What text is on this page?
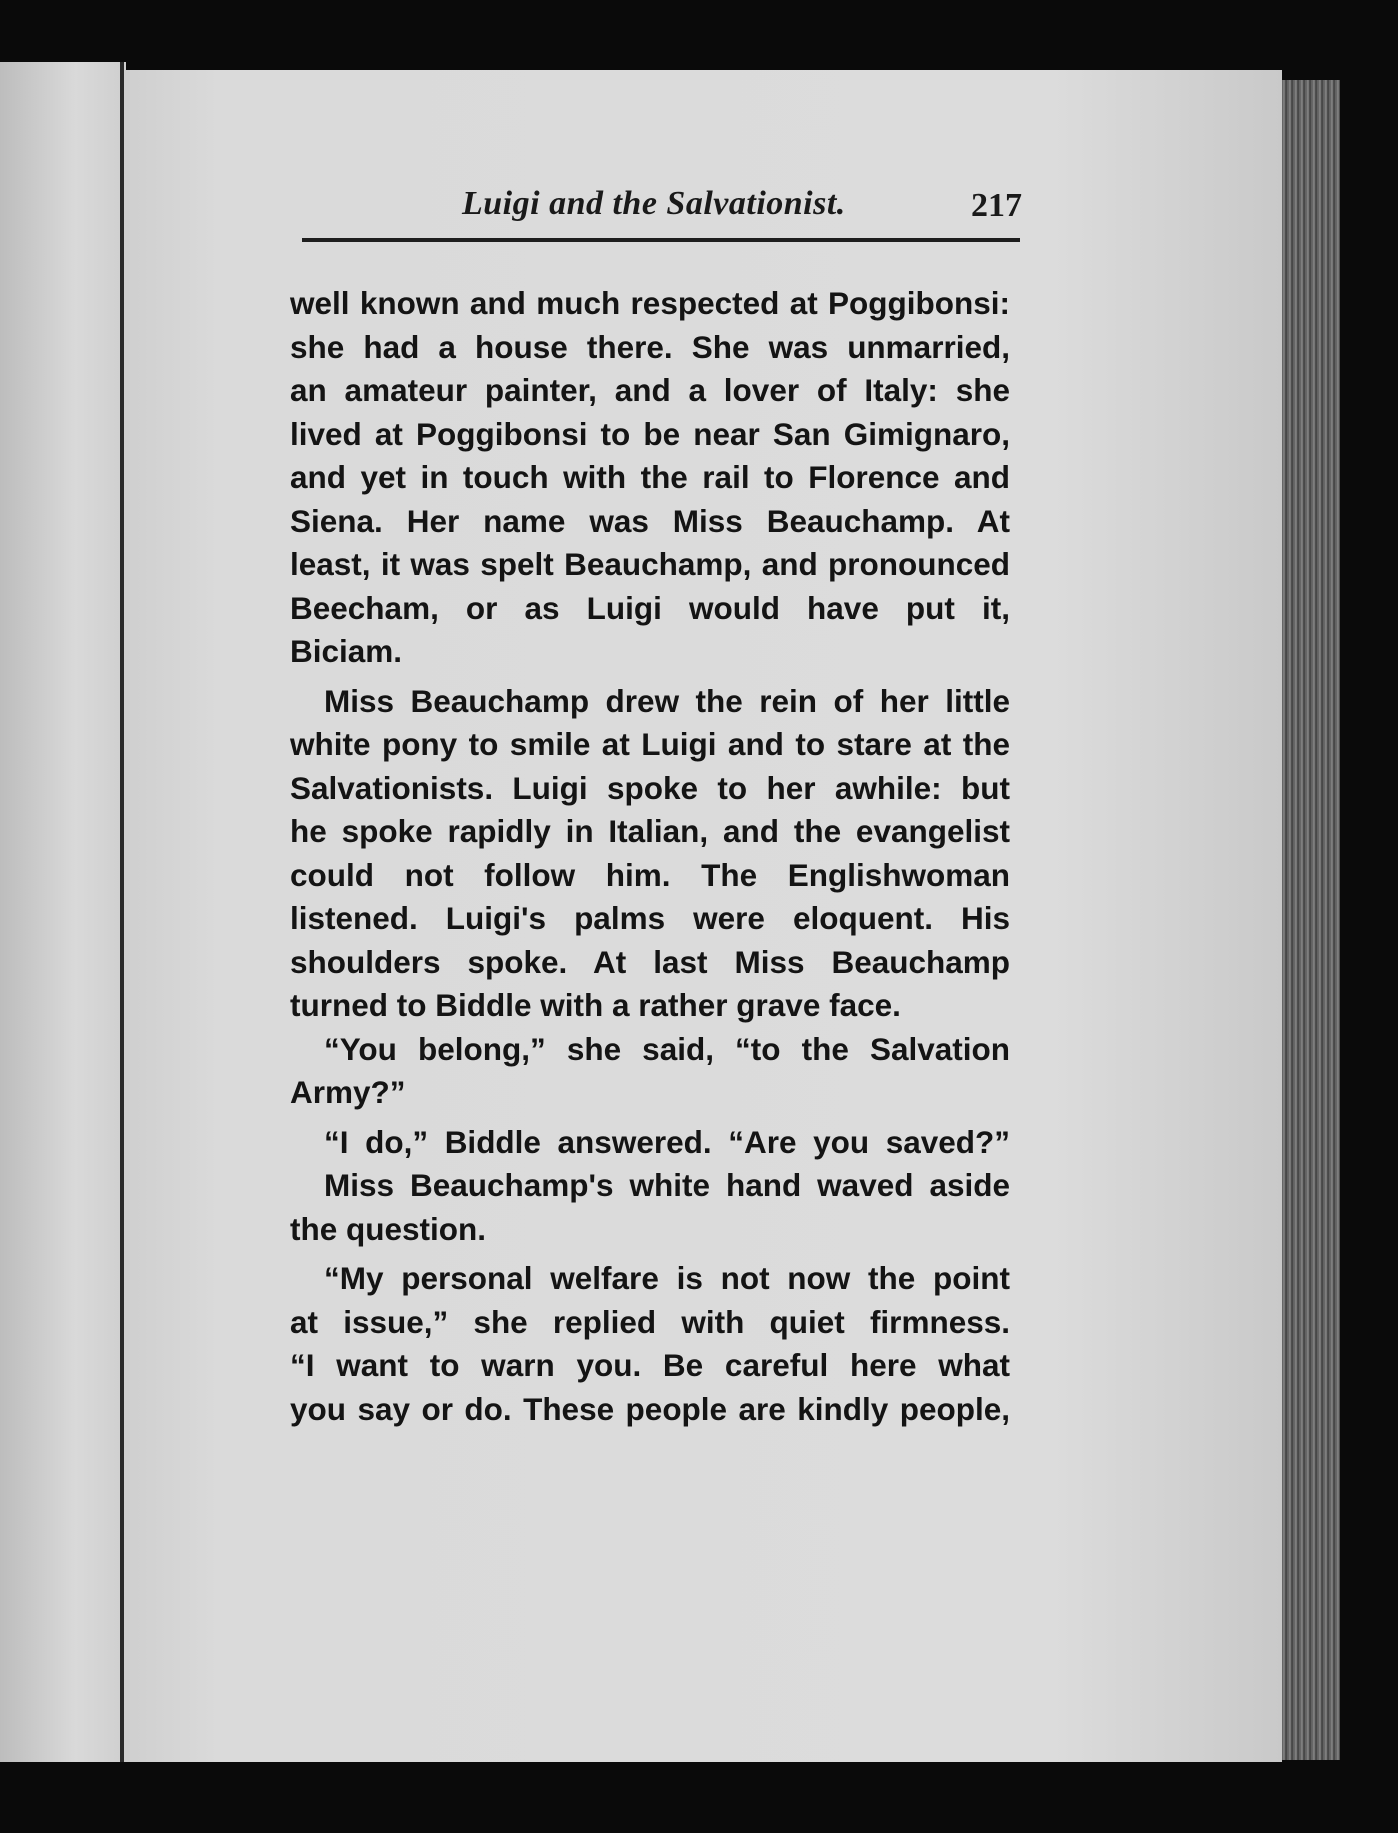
Luigi and the Salvationist.	217
well known and much respected at Poggibonsi:
she had a house there. She was unmarried,
an amateur painter, and a lover of Italy: she
lived at Poggibonsi to be near San Gimignaro,
and yet in touch with the rail to Florence and
Siena. Her name was Miss Beauchamp. At
least, it was spelt Beauchamp, and pronounced
Beecham, or as Luigi would have put it,
Biciam.
Miss Beauchamp drew the rein of her little
white pony to smile at Luigi and to stare at the
Salvationists. Luigi spoke to her awhile: but
he spoke rapidly in Italian, and the evangelist
could not follow him. The Englishwoman
listened. Luigi's palms were eloquent. His
shoulders spoke. At last Miss Beauchamp
turned to Biddle with a rather grave face.
“You belong,” she said, “to the Salvation
Army?”
“I do,” Biddle answered. “Are you saved?”
Miss Beauchamp's white hand waved aside
the question.
“My personal welfare is not now the point
at issue,” she replied with quiet firmness.
“I want to warn you. Be careful here what
you say or do. These people are kindly people,
